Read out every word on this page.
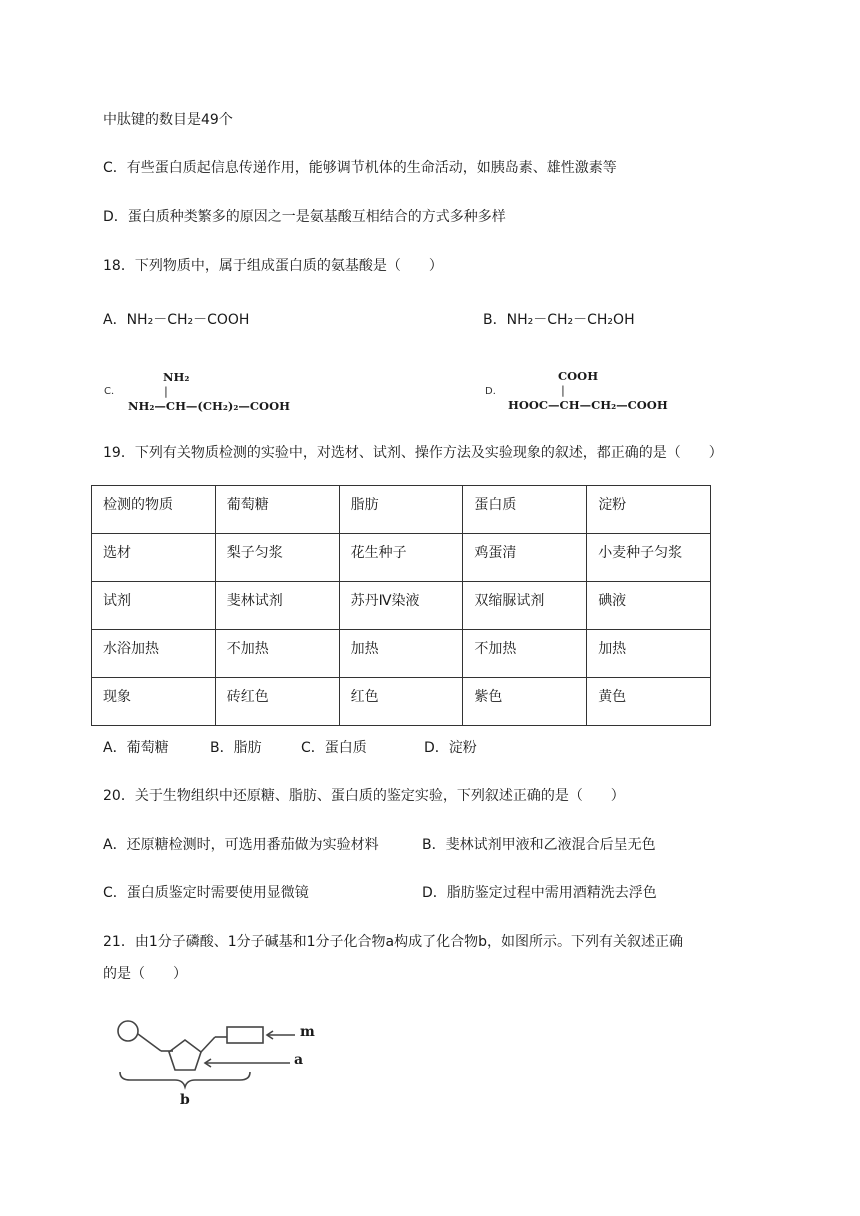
中肽键的数目是49个
C．有些蛋白质起信息传递作用，能够调节机体的生命活动，如胰岛素、雄性激素等
D．蛋白质种类繁多的原因之一是氨基酸互相结合的方式多种多样
18．下列物质中，属于组成蛋白质的氨基酸是（　　）
A．NH₂－CH₂－COOH	B．NH₂－CH₂－CH₂OH
C．
NH₂
|
NH₂—CH—(CH₂)₂—COOH
D．
COOH
|
HOOC—CH—CH₂—COOH
19．下列有关物质检测的实验中，对选材、试剂、操作方法及实验现象的叙述，都正确的是（　　）
检测的物质	葡萄糖	脂肪	蛋白质	淀粉
选材	梨子匀浆	花生种子	鸡蛋清	小麦种子匀浆
试剂	斐林试剂	苏丹Ⅳ染液	双缩脲试剂	碘液
水浴加热	不加热	加热	不加热	加热
现象	砖红色	红色	紫色	黄色
A．葡萄糖	B．脂肪	C．蛋白质	D．淀粉
20．关于生物组织中还原糖、脂肪、蛋白质的鉴定实验，下列叙述正确的是（　　）
A．还原糖检测时，可选用番茄做为实验材料	B．斐林试剂甲液和乙液混合后呈无色
C．蛋白质鉴定时需要使用显微镜	D．脂肪鉴定过程中需用酒精洗去浮色
21．由1分子磷酸、1分子碱基和1分子化合物a构成了化合物b，如图所示。下列有关叙述正确
的是（　　）
m
a
b
